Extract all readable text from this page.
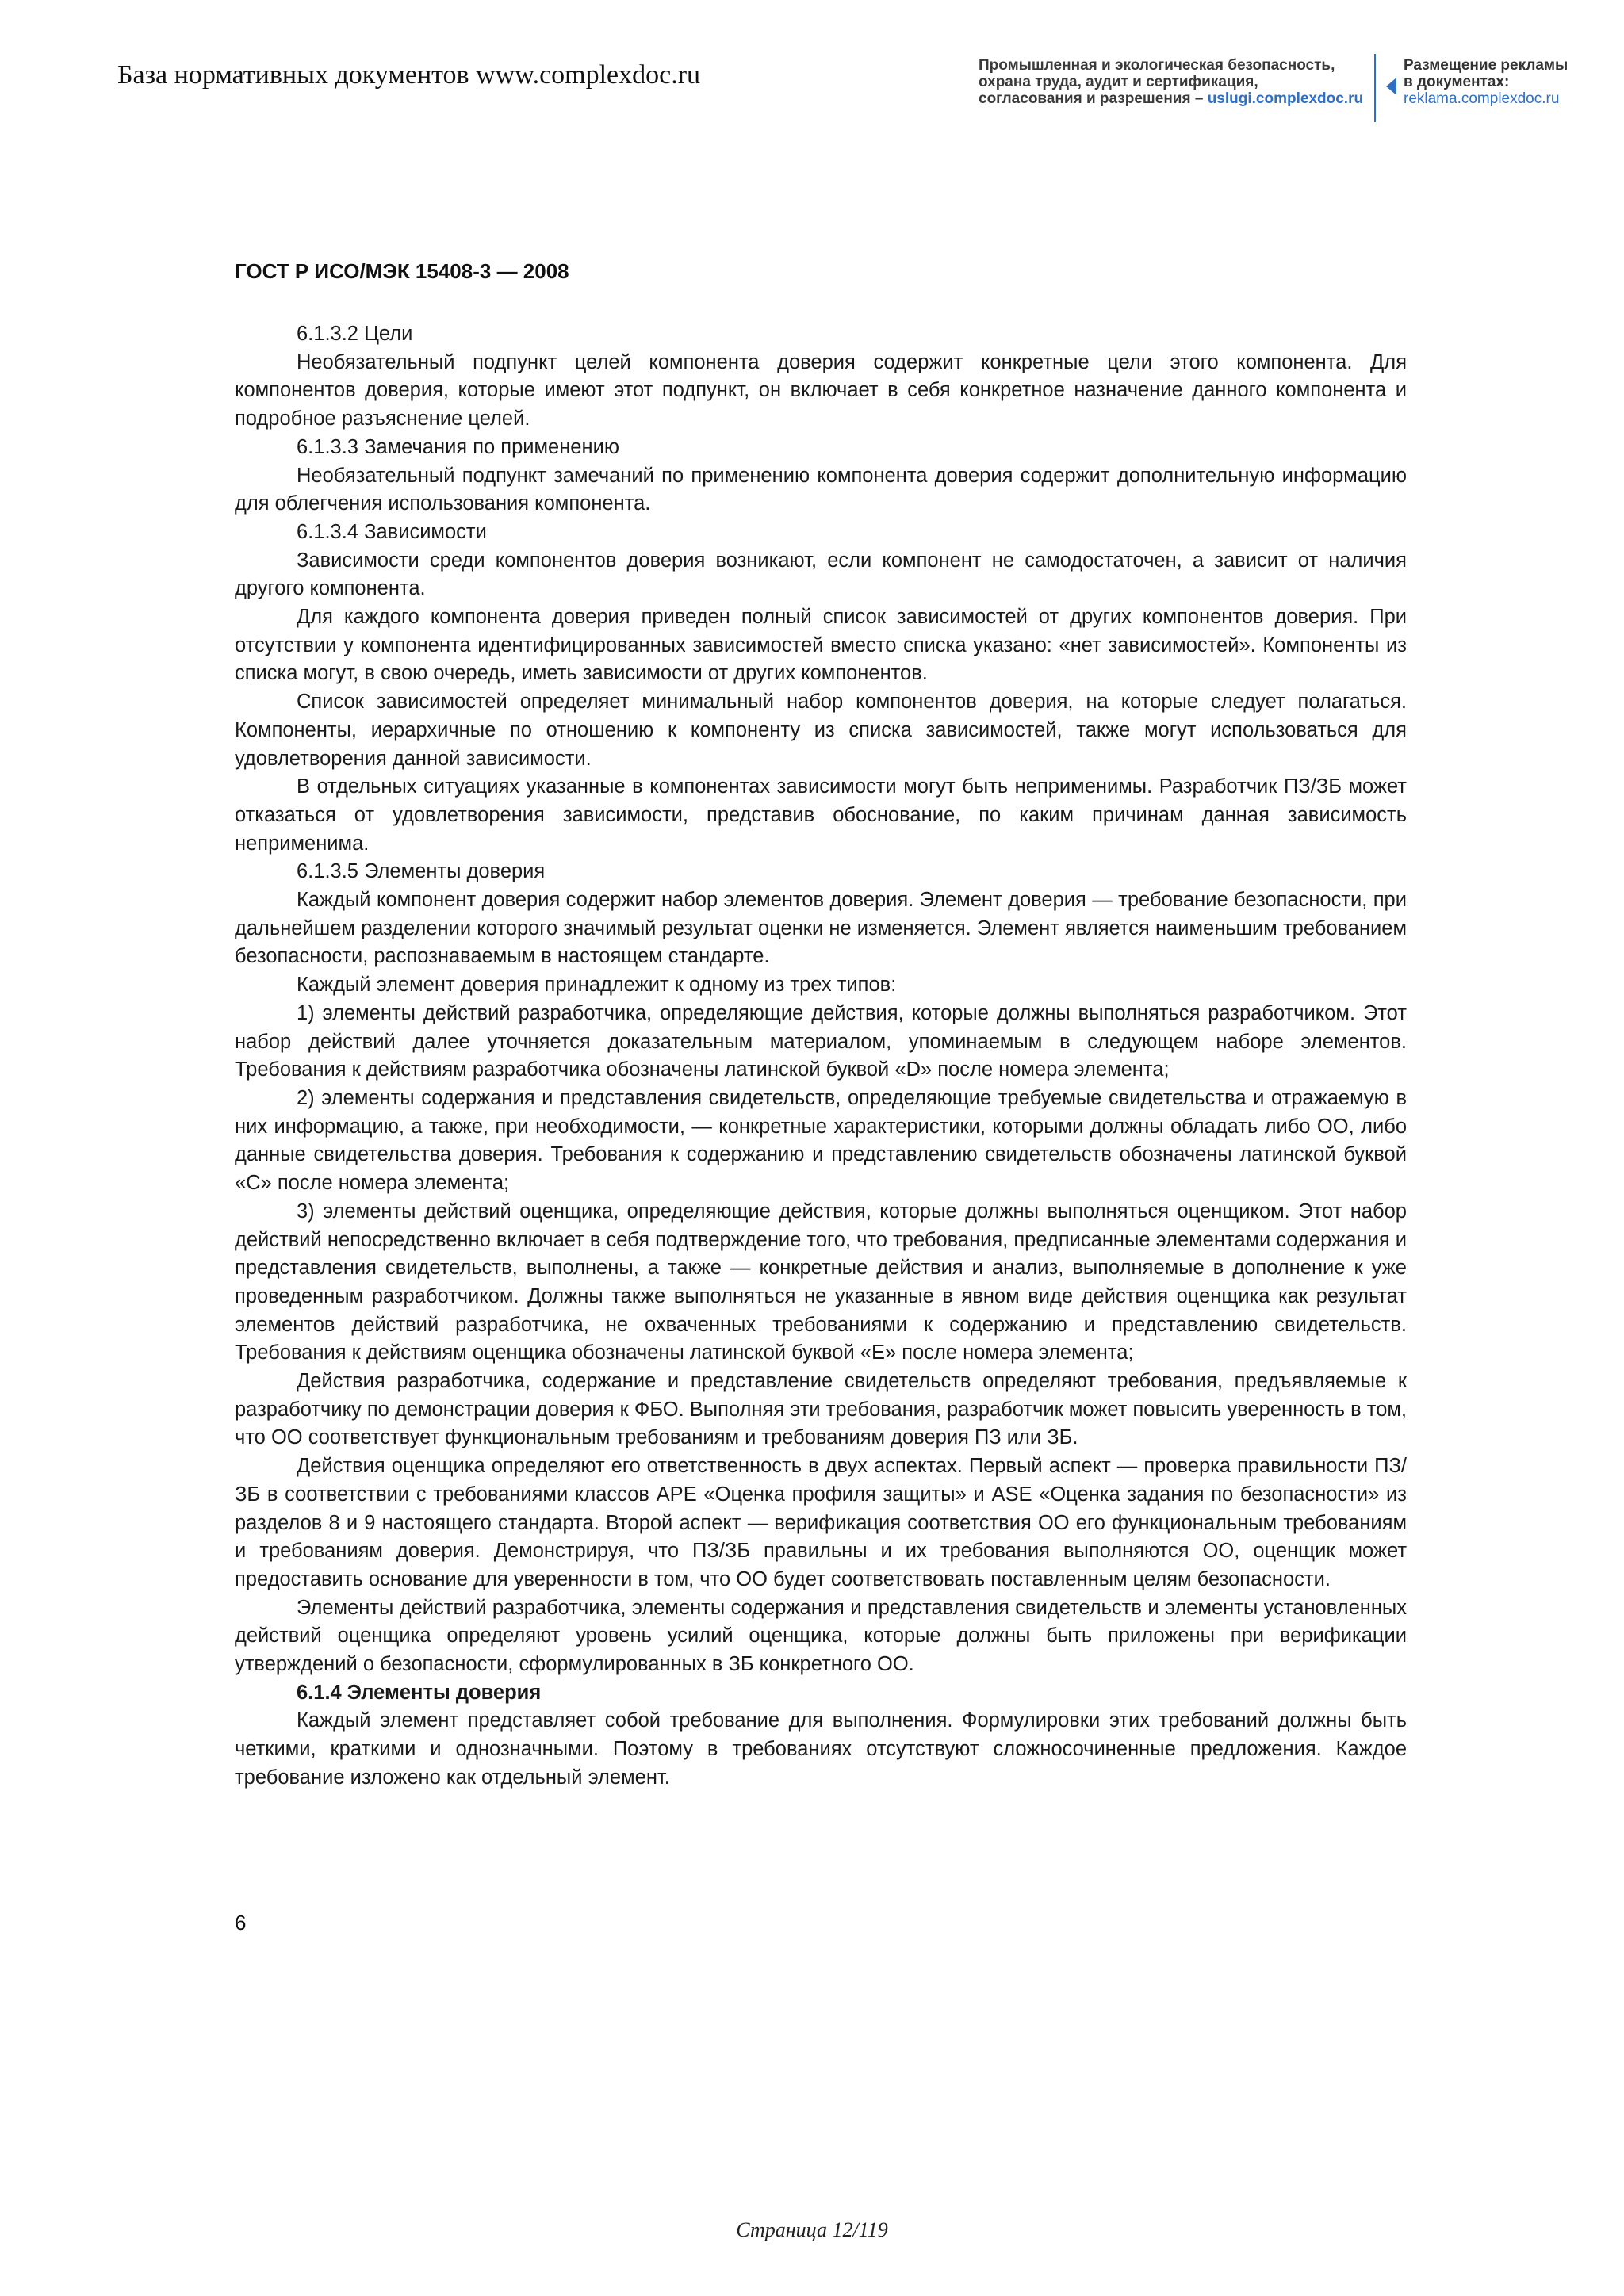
База нормативных документов www.complexdoc.ru	Промышленная и экологическая безопасность,
охрана труда, аудит и сертификация,
согласования и разрешения – uslugi.complexdoc.ru
Размещение рекламы
в документах:
reklama.complexdoc.ru
ГОСТ Р ИСО/МЭК 15408-3 — 2008

6.1.3.2 Цели

Необязательный подпункт целей компонента доверия содержит конкретные цели этого компонента. Для компонентов доверия, которые имеют этот подпункт, он включает в себя конкретное назначение данного компонента и подробное разъяснение целей.

6.1.3.3 Замечания по применению

Необязательный подпункт замечаний по применению компонента доверия содержит дополнительную информацию для облегчения использования компонента.

6.1.3.4 Зависимости

Зависимости среди компонентов доверия возникают, если компонент не самодостаточен, а зависит от наличия другого компонента.

Для каждого компонента доверия приведен полный список зависимостей от других компонентов доверия. При отсутствии у компонента идентифицированных зависимостей вместо списка указано: «нет зависимостей». Компоненты из списка могут, в свою очередь, иметь зависимости от других компонентов.

Список зависимостей определяет минимальный набор компонентов доверия, на которые следует полагаться. Компоненты, иерархичные по отношению к компоненту из списка зависимостей, также могут использоваться для удовлетворения данной зависимости.

В отдельных ситуациях указанные в компонентах зависимости могут быть неприменимы. Разработчик ПЗ/ЗБ может отказаться от удовлетворения зависимости, представив обоснование, по каким причинам данная зависимость неприменима.

6.1.3.5 Элементы доверия

Каждый компонент доверия содержит набор элементов доверия. Элемент доверия — требование безопасности, при дальнейшем разделении которого значимый результат оценки не изменяется. Элемент является наименьшим требованием безопасности, распознаваемым в настоящем стандарте.

Каждый элемент доверия принадлежит к одному из трех типов:

1) элементы действий разработчика, определяющие действия, которые должны выполняться разработчиком. Этот набор действий далее уточняется доказательным материалом, упоминаемым в следующем наборе элементов. Требования к действиям разработчика обозначены латинской буквой «D» после номера элемента;

2) элементы содержания и представления свидетельств, определяющие требуемые свидетельства и отражаемую в них информацию, а также, при необходимости, — конкретные характеристики, которыми должны обладать либо ОО, либо данные свидетельства доверия. Требования к содержанию и представлению свидетельств обозначены латинской буквой «С» после номера элемента;

3) элементы действий оценщика, определяющие действия, которые должны выполняться оценщиком. Этот набор действий непосредственно включает в себя подтверждение того, что требования, предписанные элементами содержания и представления свидетельств, выполнены, а также — конкретные действия и анализ, выполняемые в дополнение к уже проведенным разработчиком. Должны также выполняться не указанные в явном виде действия оценщика как результат элементов действий разработчика, не охваченных требованиями к содержанию и представлению свидетельств. Требования к действиям оценщика обозначены латинской буквой «Е» после номера элемента;

Действия разработчика, содержание и представление свидетельств определяют требования, предъявляемые к разработчику по демонстрации доверия к ФБО. Выполняя эти требования, разработчик может повысить уверенность в том, что ОО соответствует функциональным требованиям и требованиям доверия ПЗ или ЗБ.

Действия оценщика определяют его ответственность в двух аспектах. Первый аспект — проверка правильности ПЗ/ЗБ в соответствии с требованиями классов АРЕ «Оценка профиля защиты» и ASE «Оценка задания по безопасности» из разделов 8 и 9 настоящего стандарта. Второй аспект — верификация соответствия ОО его функциональным требованиям и требованиям доверия. Демонстрируя, что ПЗ/ЗБ правильны и их требования выполняются ОО, оценщик может предоставить основание для уверенности в том, что ОО будет соответствовать поставленным целям безопасности.

Элементы действий разработчика, элементы содержания и представления свидетельств и элементы установленных действий оценщика определяют уровень усилий оценщика, которые должны быть приложены при верификации утверждений о безопасности, сформулированных в ЗБ конкретного ОО.

6.1.4 Элементы доверия

Каждый элемент представляет собой требование для выполнения. Формулировки этих требований должны быть четкими, краткими и однозначными. Поэтому в требованиях отсутствуют сложносочиненные предложения. Каждое требование изложено как отдельный элемент.

6
Страница 12/119
